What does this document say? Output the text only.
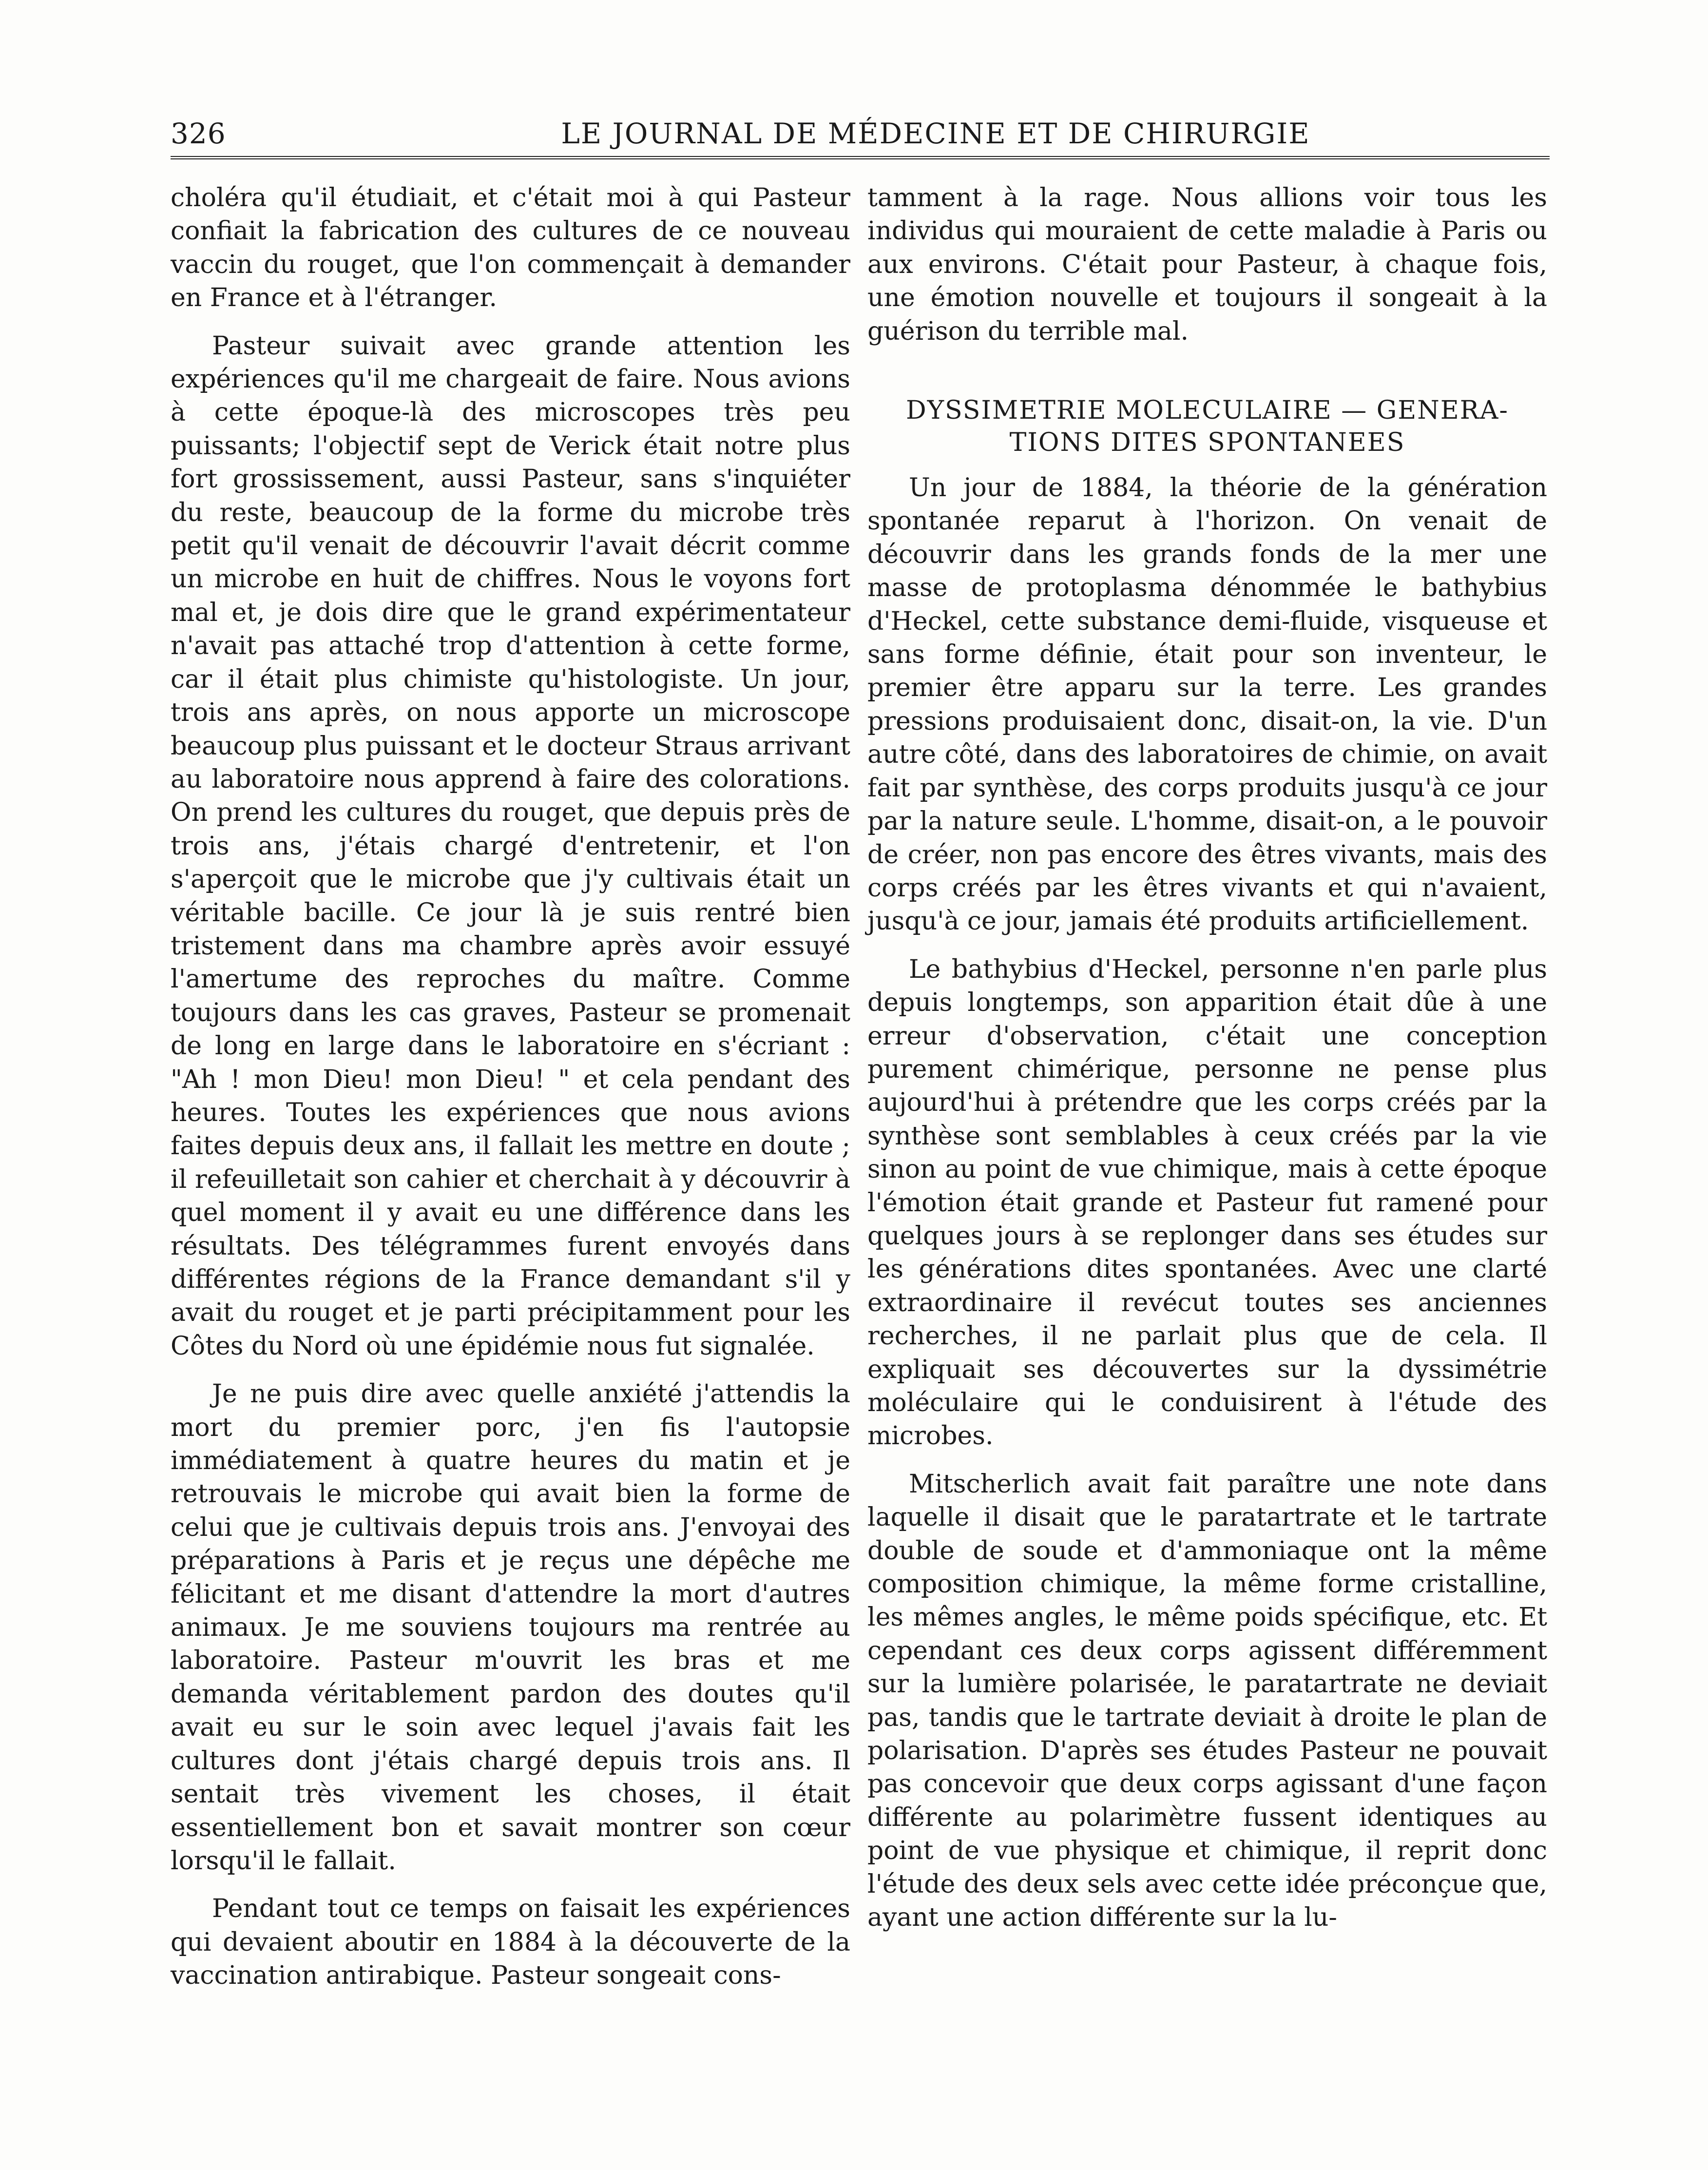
326	LE JOURNAL DE MÉDECINE ET DE CHIRURGIE

choléra qu'il étudiait, et c'était moi à qui Pasteur confiait la fabrication des cultures de ce nouveau vaccin du rouget, que l'on commençait à demander en France et à l'étranger.

Pasteur suivait avec grande attention les expériences qu'il me chargeait de faire. Nous avions à cette époque-là des microscopes très peu puissants; l'objectif sept de Verick était notre plus fort grossissement, aussi Pasteur, sans s'inquiéter du reste, beaucoup de la forme du microbe très petit qu'il venait de découvrir l'avait décrit comme un microbe en huit de chiffres. Nous le voyons fort mal et, je dois dire que le grand expérimentateur n'avait pas attaché trop d'attention à cette forme, car il était plus chimiste qu'histologiste. Un jour, trois ans après, on nous apporte un microscope beaucoup plus puissant et le docteur Straus arrivant au laboratoire nous apprend à faire des colorations. On prend les cultures du rouget, que depuis près de trois ans, j'étais chargé d'entretenir, et l'on s'aperçoit que le microbe que j'y cultivais était un véritable bacille. Ce jour là je suis rentré bien tristement dans ma chambre après avoir essuyé l'amertume des reproches du maître. Comme toujours dans les cas graves, Pasteur se promenait de long en large dans le laboratoire en s'écriant : "Ah ! mon Dieu! mon Dieu! " et cela pendant des heures. Toutes les expériences que nous avions faites depuis deux ans, il fallait les mettre en doute ; il refeuilletait son cahier et cherchait à y découvrir à quel moment il y avait eu une différence dans les résultats. Des télégrammes furent envoyés dans différentes régions de la France demandant s'il y avait du rouget et je parti précipitamment pour les Côtes du Nord où une épidémie nous fut signalée.

Je ne puis dire avec quelle anxiété j'attendis la mort du premier porc, j'en fis l'autopsie immédiatement à quatre heures du matin et je retrouvais le microbe qui avait bien la forme de celui que je cultivais depuis trois ans. J'envoyai des préparations à Paris et je reçus une dépêche me félicitant et me disant d'attendre la mort d'autres animaux. Je me souviens toujours ma rentrée au laboratoire. Pasteur m'ouvrit les bras et me demanda véritablement pardon des doutes qu'il avait eu sur le soin avec lequel j'avais fait les cultures dont j'étais chargé depuis trois ans. Il sentait très vivement les choses, il était essentiellement bon et savait montrer son cœur lorsqu'il le fallait.

Pendant tout ce temps on faisait les expériences qui devaient aboutir en 1884 à la découverte de la vaccination antirabique. Pasteur songeait cons-

tamment à la rage. Nous allions voir tous les individus qui mouraient de cette maladie à Paris ou aux environs. C'était pour Pasteur, à chaque fois, une émotion nouvelle et toujours il songeait à la guérison du terrible mal.

DYSSIMETRIE MOLECULAIRE — GENERA-
TIONS DITES SPONTANEES

Un jour de 1884, la théorie de la génération spontanée reparut à l'horizon. On venait de découvrir dans les grands fonds de la mer une masse de protoplasma dénommée le bathybius d'Heckel, cette substance demi-fluide, visqueuse et sans forme définie, était pour son inventeur, le premier être apparu sur la terre. Les grandes pressions produisaient donc, disait-on, la vie. D'un autre côté, dans des laboratoires de chimie, on avait fait par synthèse, des corps produits jusqu'à ce jour par la nature seule. L'homme, disait-on, a le pouvoir de créer, non pas encore des êtres vivants, mais des corps créés par les êtres vivants et qui n'avaient, jusqu'à ce jour, jamais été produits artificiellement.

Le bathybius d'Heckel, personne n'en parle plus depuis longtemps, son apparition était dûe à une erreur d'observation, c'était une conception purement chimérique, personne ne pense plus aujourd'hui à prétendre que les corps créés par la synthèse sont semblables à ceux créés par la vie sinon au point de vue chimique, mais à cette époque l'émotion était grande et Pasteur fut ramené pour quelques jours à se replonger dans ses études sur les générations dites spontanées. Avec une clarté extraordinaire il revécut toutes ses anciennes recherches, il ne parlait plus que de cela. Il expliquait ses découvertes sur la dyssimétrie moléculaire qui le conduisirent à l'étude des microbes.

Mitscherlich avait fait paraître une note dans laquelle il disait que le paratartrate et le tartrate double de soude et d'ammoniaque ont la même composition chimique, la même forme cristalline, les mêmes angles, le même poids spécifique, etc. Et cependant ces deux corps agissent différemment sur la lumière polarisée, le paratartrate ne deviait pas, tandis que le tartrate deviait à droite le plan de polarisation. D'après ses études Pasteur ne pouvait pas concevoir que deux corps agissant d'une façon différente au polarimètre fussent identiques au point de vue physique et chimique, il reprit donc l'étude des deux sels avec cette idée préconçue que, ayant une action différente sur la lu-
